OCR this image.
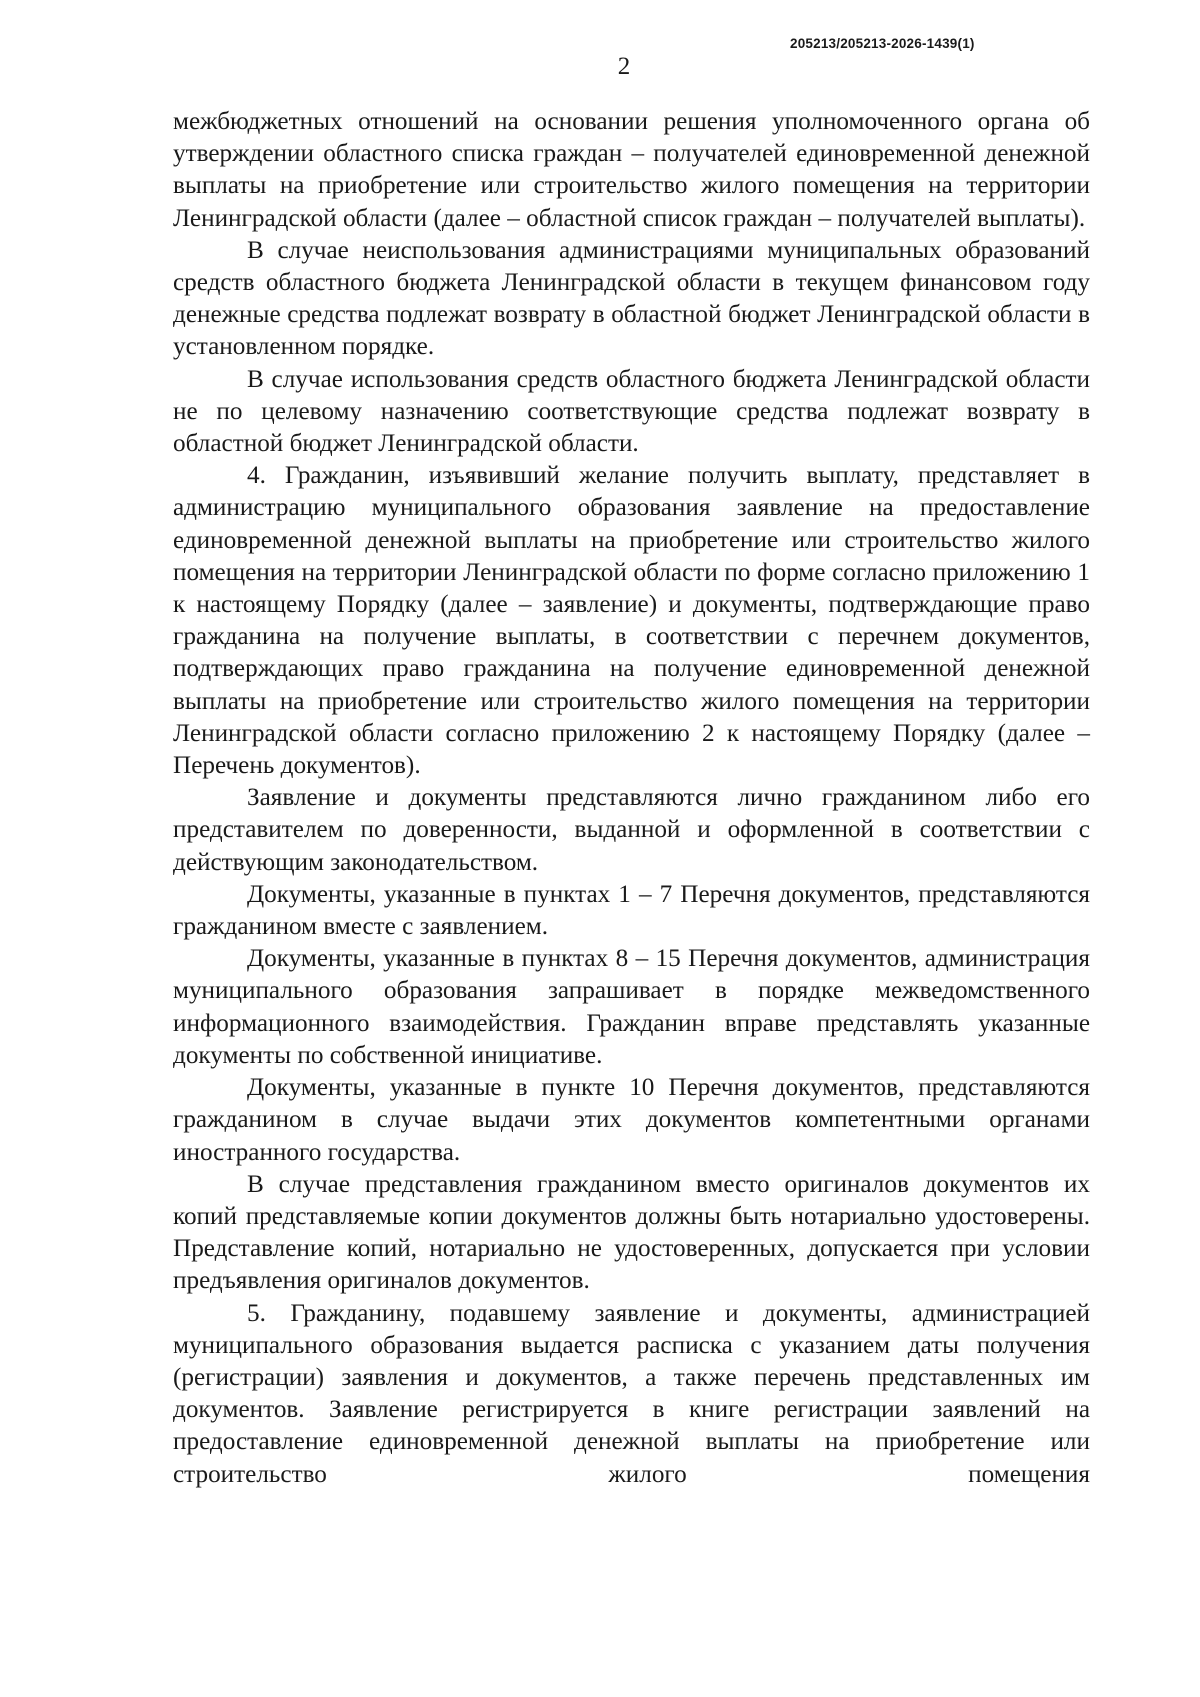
205213/205213-2026-1439(1)
2

межбюджетных отношений на основании решения уполномоченного органа об утверждении областного списка граждан – получателей единовременной денежной выплаты на приобретение или строительство жилого помещения на территории Ленинградской области (далее – областной список граждан – получателей выплаты).

В случае неиспользования администрациями муниципальных образований средств областного бюджета Ленинградской области в текущем финансовом году денежные средства подлежат возврату в областной бюджет Ленинградской области в установленном порядке.

В случае использования средств областного бюджета Ленинградской области не по целевому назначению соответствующие средства подлежат возврату в областной бюджет Ленинградской области.

4. Гражданин, изъявивший желание получить выплату, представляет в администрацию муниципального образования заявление на предоставление единовременной денежной выплаты на приобретение или строительство жилого помещения на территории Ленинградской области по форме согласно приложению 1 к настоящему Порядку (далее – заявление) и документы, подтверждающие право гражданина на получение выплаты, в соответствии с перечнем документов, подтверждающих право гражданина на получение единовременной денежной выплаты на приобретение или строительство жилого помещения на территории Ленинградской области согласно приложению 2 к настоящему Порядку (далее – Перечень документов).

Заявление и документы представляются лично гражданином либо его представителем по доверенности, выданной и оформленной в соответствии с действующим законодательством.

Документы, указанные в пунктах 1 – 7 Перечня документов, представляются гражданином вместе с заявлением.

Документы, указанные в пунктах 8 – 15 Перечня документов, администрация муниципального образования запрашивает в порядке межведомственного информационного взаимодействия. Гражданин вправе представлять указанные документы по собственной инициативе.

Документы, указанные в пункте 10 Перечня документов, представляются гражданином в случае выдачи этих документов компетентными органами иностранного государства.

В случае представления гражданином вместо оригиналов документов их копий представляемые копии документов должны быть нотариально удостоверены. Представление копий, нотариально не удостоверенных, допускается при условии предъявления оригиналов документов.

5. Гражданину, подавшему заявление и документы, администрацией муниципального образования выдается расписка с указанием даты получения (регистрации) заявления и документов, а также перечень представленных им документов. Заявление регистрируется в книге регистрации заявлений на предоставление единовременной денежной выплаты на приобретение или строительство жилого помещения
